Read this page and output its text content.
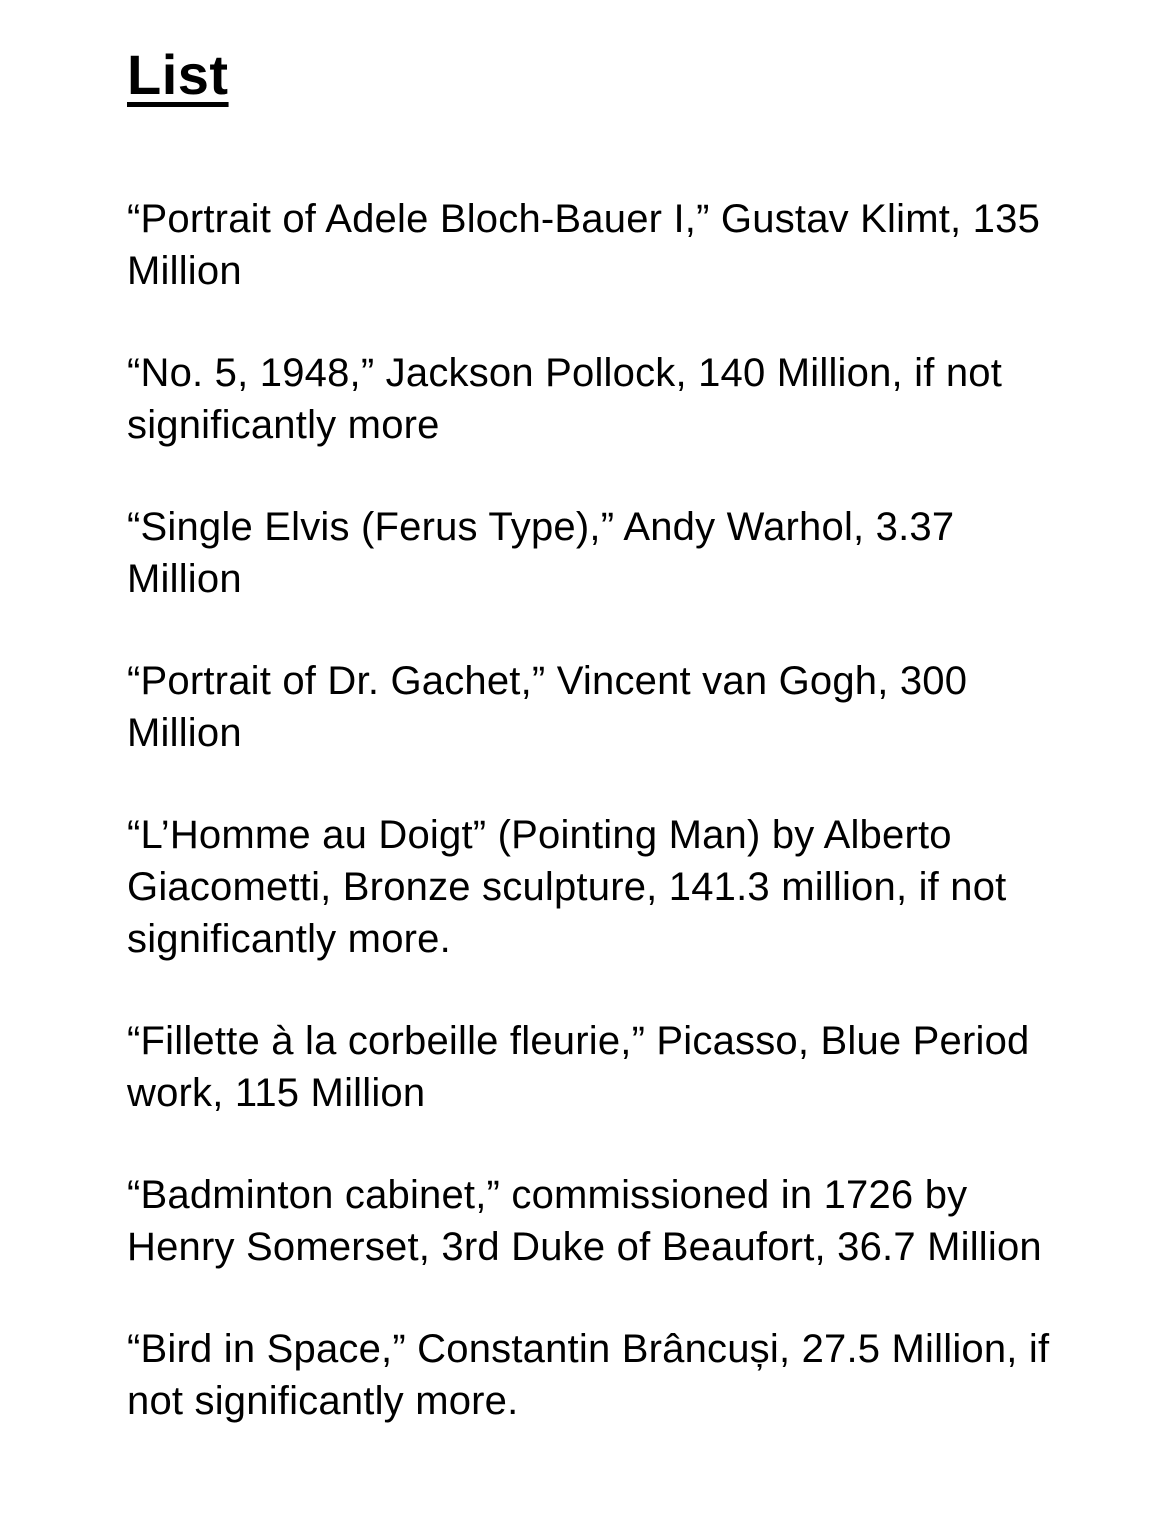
List

“Portrait of Adele Bloch-Bauer I,” Gustav Klimt, 135 Million

“No. 5, 1948,” Jackson Pollock, 140 Million, if not significantly more

“Single Elvis (Ferus Type),” Andy Warhol, 3.37 Million

“Portrait of Dr. Gachet,” Vincent van Gogh, 300 Million

“L’Homme au Doigt” (Pointing Man) by Alberto Giacometti, Bronze sculpture, 141.3 million, if not significantly more.

“Fillette à la corbeille fleurie,” Picasso, Blue Period work, 115 Million

“Badminton cabinet,” commissioned in 1726 by Henry Somerset, 3rd Duke of Beaufort, 36.7 Million

“Bird in Space,” Constantin Brâncuși, 27.5 Million, if not significantly more.
